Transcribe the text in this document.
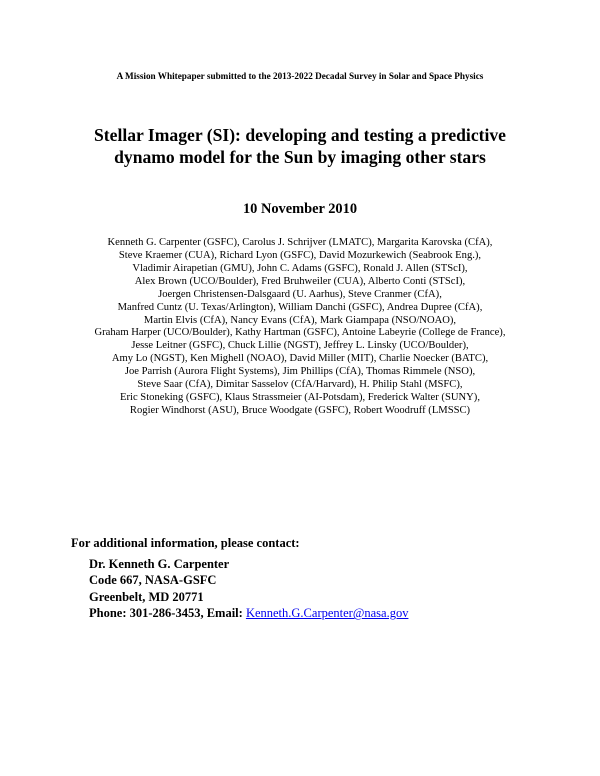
A Mission Whitepaper submitted to the 2013-2022 Decadal Survey in Solar and Space Physics
Stellar Imager (SI): developing and testing a predictive
dynamo model for the Sun by imaging other stars
10 November 2010
Kenneth G. Carpenter (GSFC), Carolus J. Schrijver (LMATC), Margarita Karovska (CfA),
Steve Kraemer (CUA), Richard Lyon (GSFC), David Mozurkewich (Seabrook Eng.),
Vladimir Airapetian (GMU), John C. Adams (GSFC), Ronald J. Allen (STScI),
Alex Brown (UCO/Boulder), Fred Bruhweiler (CUA), Alberto Conti (STScI),
Joergen Christensen-Dalsgaard (U. Aarhus), Steve Cranmer (CfA),
Manfred Cuntz (U. Texas/Arlington), William Danchi (GSFC), Andrea Dupree (CfA),
Martin Elvis (CfA), Nancy Evans (CfA), Mark Giampapa (NSO/NOAO),
Graham Harper (UCO/Boulder), Kathy Hartman (GSFC), Antoine Labeyrie (College de France),
Jesse Leitner (GSFC), Chuck Lillie (NGST), Jeffrey L. Linsky (UCO/Boulder),
Amy Lo (NGST), Ken Mighell (NOAO), David Miller (MIT), Charlie Noecker (BATC),
Joe Parrish (Aurora Flight Systems), Jim Phillips (CfA), Thomas Rimmele (NSO),
Steve Saar (CfA), Dimitar Sasselov (CfA/Harvard), H. Philip Stahl (MSFC),
Eric Stoneking (GSFC), Klaus Strassmeier (AI-Potsdam), Frederick Walter (SUNY),
Rogier Windhorst (ASU), Bruce Woodgate (GSFC), Robert Woodruff (LMSSC)
For additional information, please contact:
Dr. Kenneth G. Carpenter
Code 667, NASA-GSFC
Greenbelt, MD 20771
Phone: 301-286-3453, Email: Kenneth.G.Carpenter@nasa.gov
